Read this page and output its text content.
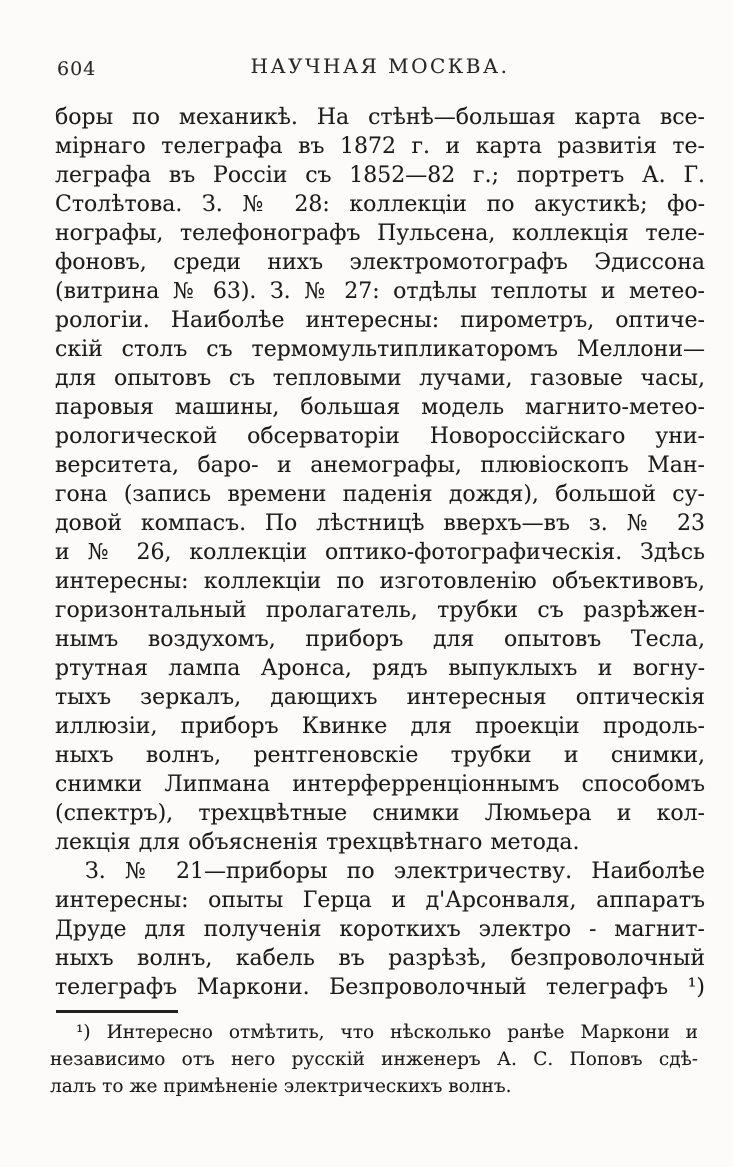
604	НАУЧНАЯ МОСКВА.
боры по механикѣ. На стѣнѣ—большая карта все-
мірнаго телеграфа въ 1872 г. и карта развитія те-
леграфа въ Россіи съ 1852—82 г.; портретъ А. Г.
Столѣтова. З. № 28: коллекціи по акустикѣ; фо-
нографы, телефонографъ Пульсена, коллекція теле-
фоновъ, среди нихъ электромотографъ Эдиссона
(витрина № 63). З. № 27: отдѣлы теплоты и метео-
рологіи. Наиболѣе интересны: пирометръ, оптиче-
скій столъ съ термомультипликаторомъ Меллони—
для опытовъ съ тепловыми лучами, газовые часы,
паровыя машины, большая модель магнито-метео-
рологической обсерваторіи Новороссійскаго уни-
верситета, баро- и анемографы, плювіоскопъ Ман-
гона (запись времени паденія дождя), большой су-
довой компасъ. По лѣстницѣ вверхъ—въ з. № 23
и № 26, коллекціи оптико-фотографическія. Здѣсь
интересны: коллекціи по изготовленію объективовъ,
горизонтальный пролагатель, трубки съ разрѣжен-
нымъ воздухомъ, приборъ для опытовъ Тесла,
ртутная лампа Аронса, рядъ выпуклыхъ и вогну-
тыхъ зеркалъ, дающихъ интересныя оптическія
иллюзіи, приборъ Квинке для проекціи продоль-
ныхъ волнъ, рентгеновскіе трубки и снимки,
снимки Липмана интерферренціоннымъ способомъ
(спектръ), трехцвѣтные снимки Люмьера и кол-
лекція для объясненія трехцвѣтнаго метода.
З. № 21—приборы по электричеству. Наиболѣе
интересны: опыты Герца и д'Арсонваля, аппаратъ
Друде для полученія короткихъ электро - магнит-
ныхъ волнъ, кабель въ разрѣзѣ, безпроволочный
телеграфъ Маркони. Безпроволочный телеграфъ ¹)
¹) Интересно отмѣтить, что нѣсколько ранѣе Маркони и
независимо отъ него русскій инженеръ А. С. Поповъ сдѣ-
лалъ то же примѣненіе электрическихъ волнъ.
